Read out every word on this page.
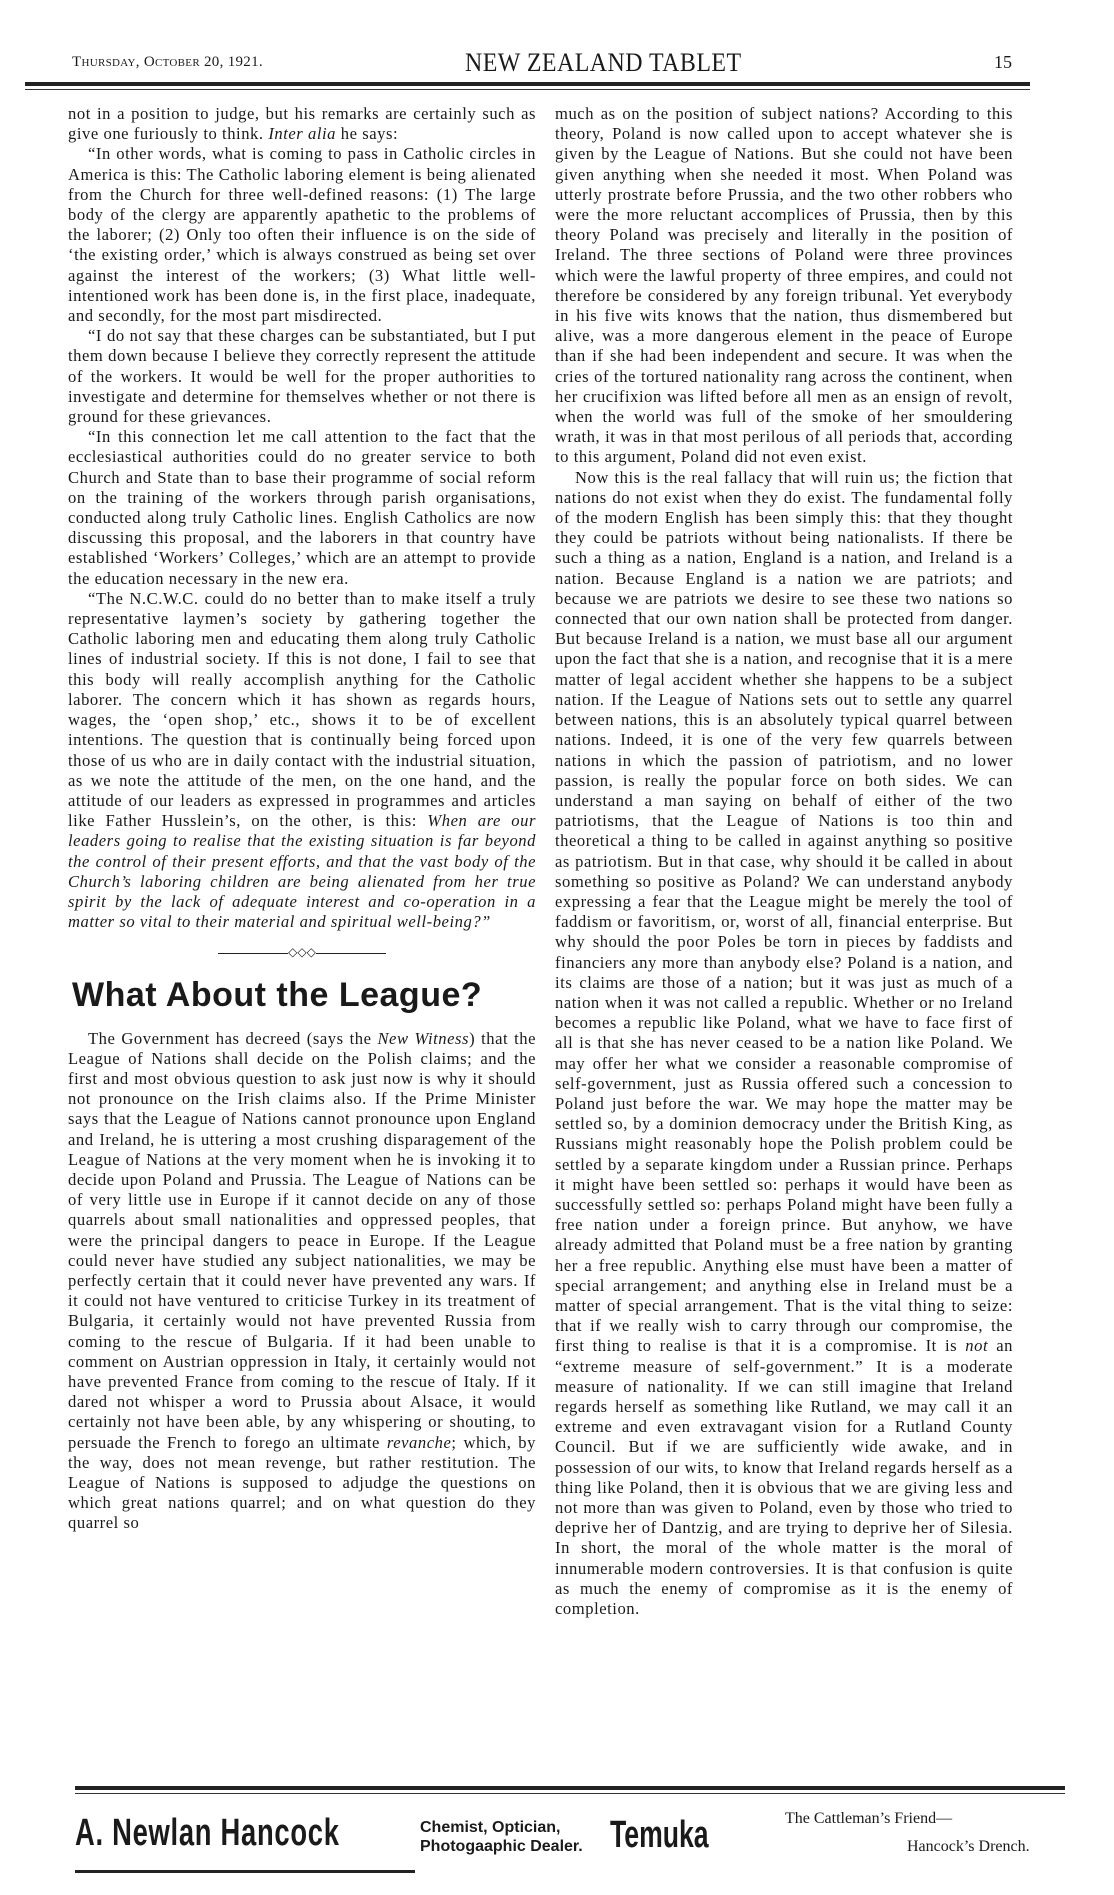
Thursday, October 20, 1921.	NEW ZEALAND TABLET	15

not in a position to judge, but his remarks are certainly such as give one furiously to think. Inter alia he says:

“In other words, what is coming to pass in Catholic circles in America is this: The Catholic laboring element is being alienated from the Church for three well-defined reasons: (1) The large body of the clergy are apparently apathetic to the problems of the laborer; (2) Only too often their influence is on the side of ‘the existing order,’ which is always construed as being set over against the interest of the workers; (3) What little well-intentioned work has been done is, in the first place, inadequate, and secondly, for the most part misdirected.

“I do not say that these charges can be substantiated, but I put them down because I believe they correctly represent the attitude of the workers. It would be well for the proper authorities to investigate and determine for themselves whether or not there is ground for these grievances.

“In this connection let me call attention to the fact that the ecclesiastical authorities could do no greater service to both Church and State than to base their programme of social reform on the training of the workers through parish organisations, conducted along truly Catholic lines. English Catholics are now discussing this proposal, and the laborers in that country have established ‘Workers’ Colleges,’ which are an attempt to provide the education necessary in the new era.

“The N.C.W.C. could do no better than to make itself a truly representative laymen’s society by gathering together the Catholic laboring men and educating them along truly Catholic lines of industrial society. If this is not done, I fail to see that this body will really accomplish anything for the Catholic laborer. The concern which it has shown as regards hours, wages, the ‘open shop,’ etc., shows it to be of excellent intentions. The question that is continually being forced upon those of us who are in daily contact with the industrial situation, as we note the attitude of the men, on the one hand, and the attitude of our leaders as expressed in programmes and articles like Father Husslein’s, on the other, is this: When are our leaders going to realise that the existing situation is far beyond the control of their present efforts, and that the vast body of the Church’s laboring children are being alienated from her true spirit by the lack of adequate interest and co-operation in a matter so vital to their material and spiritual well-being?”

◇◇◇
What About the League?

The Government has decreed (says the New Witness) that the League of Nations shall decide on the Polish claims; and the first and most obvious question to ask just now is why it should not pronounce on the Irish claims also. If the Prime Minister says that the League of Nations cannot pronounce upon England and Ireland, he is uttering a most crushing disparagement of the League of Nations at the very moment when he is invoking it to decide upon Poland and Prussia. The League of Nations can be of very little use in Europe if it cannot decide on any of those quarrels about small nationalities and oppressed peoples, that were the principal dangers to peace in Europe. If the League could never have studied any subject nationalities, we may be perfectly certain that it could never have prevented any wars. If it could not have ventured to criticise Turkey in its treatment of Bulgaria, it certainly would not have prevented Russia from coming to the rescue of Bulgaria. If it had been unable to comment on Austrian oppression in Italy, it certainly would not have prevented France from coming to the rescue of Italy. If it dared not whisper a word to Prussia about Alsace, it would certainly not have been able, by any whispering or shouting, to persuade the French to forego an ultimate revanche; which, by the way, does not mean revenge, but rather restitution. The League of Nations is supposed to adjudge the questions on which great nations quarrel; and on what question do they quarrel so

much as on the position of subject nations? According to this theory, Poland is now called upon to accept whatever she is given by the League of Nations. But she could not have been given anything when she needed it most. When Poland was utterly prostrate before Prussia, and the two other robbers who were the more reluctant accomplices of Prussia, then by this theory Poland was precisely and literally in the position of Ireland. The three sections of Poland were three provinces which were the lawful property of three empires, and could not therefore be considered by any foreign tribunal. Yet everybody in his five wits knows that the nation, thus dismembered but alive, was a more dangerous element in the peace of Europe than if she had been independent and secure. It was when the cries of the tortured nationality rang across the continent, when her crucifixion was lifted before all men as an ensign of revolt, when the world was full of the smoke of her smouldering wrath, it was in that most perilous of all periods that, according to this argument, Poland did not even exist.

Now this is the real fallacy that will ruin us; the fiction that nations do not exist when they do exist. The fundamental folly of the modern English has been simply this: that they thought they could be patriots without being nationalists. If there be such a thing as a nation, England is a nation, and Ireland is a nation. Because England is a nation we are patriots; and because we are patriots we desire to see these two nations so connected that our own nation shall be protected from danger. But because Ireland is a nation, we must base all our argument upon the fact that she is a nation, and recognise that it is a mere matter of legal accident whether she happens to be a subject nation. If the League of Nations sets out to settle any quarrel between nations, this is an absolutely typical quarrel between nations. Indeed, it is one of the very few quarrels between nations in which the passion of patriotism, and no lower passion, is really the popular force on both sides. We can understand a man saying on behalf of either of the two patriotisms, that the League of Nations is too thin and theoretical a thing to be called in against anything so positive as patriotism. But in that case, why should it be called in about something so positive as Poland? We can understand anybody expressing a fear that the League might be merely the tool of faddism or favoritism, or, worst of all, financial enterprise. But why should the poor Poles be torn in pieces by faddists and financiers any more than anybody else? Poland is a nation, and its claims are those of a nation; but it was just as much of a nation when it was not called a republic. Whether or no Ireland becomes a republic like Poland, what we have to face first of all is that she has never ceased to be a nation like Poland. We may offer her what we consider a reasonable compromise of self-government, just as Russia offered such a concession to Poland just before the war. We may hope the matter may be settled so, by a dominion democracy under the British King, as Russians might reasonably hope the Polish problem could be settled by a separate kingdom under a Russian prince. Perhaps it might have been settled so: perhaps it would have been as successfully settled so: perhaps Poland might have been fully a free nation under a foreign prince. But anyhow, we have already admitted that Poland must be a free nation by granting her a free republic. Anything else must have been a matter of special arrangement; and anything else in Ireland must be a matter of special arrangement. That is the vital thing to seize: that if we really wish to carry through our compromise, the first thing to realise is that it is a compromise. It is not an “extreme measure of self-government.” It is a moderate measure of nationality. If we can still imagine that Ireland regards herself as something like Rutland, we may call it an extreme and even extravagant vision for a Rutland County Council. But if we are sufficiently wide awake, and in possession of our wits, to know that Ireland regards herself as a thing like Poland, then it is obvious that we are giving less and not more than was given to Poland, even by those who tried to deprive her of Dantzig, and are trying to deprive her of Silesia. In short, the moral of the whole matter is the moral of innumerable modern controversies. It is that confusion is quite as much the enemy of compromise as it is the enemy of completion.

A. Newlan Hancock	Chemist, Optician,
Photogaaphic Dealer. Temuka	The Cattleman’s Friend—
Hancock’s Drench.
